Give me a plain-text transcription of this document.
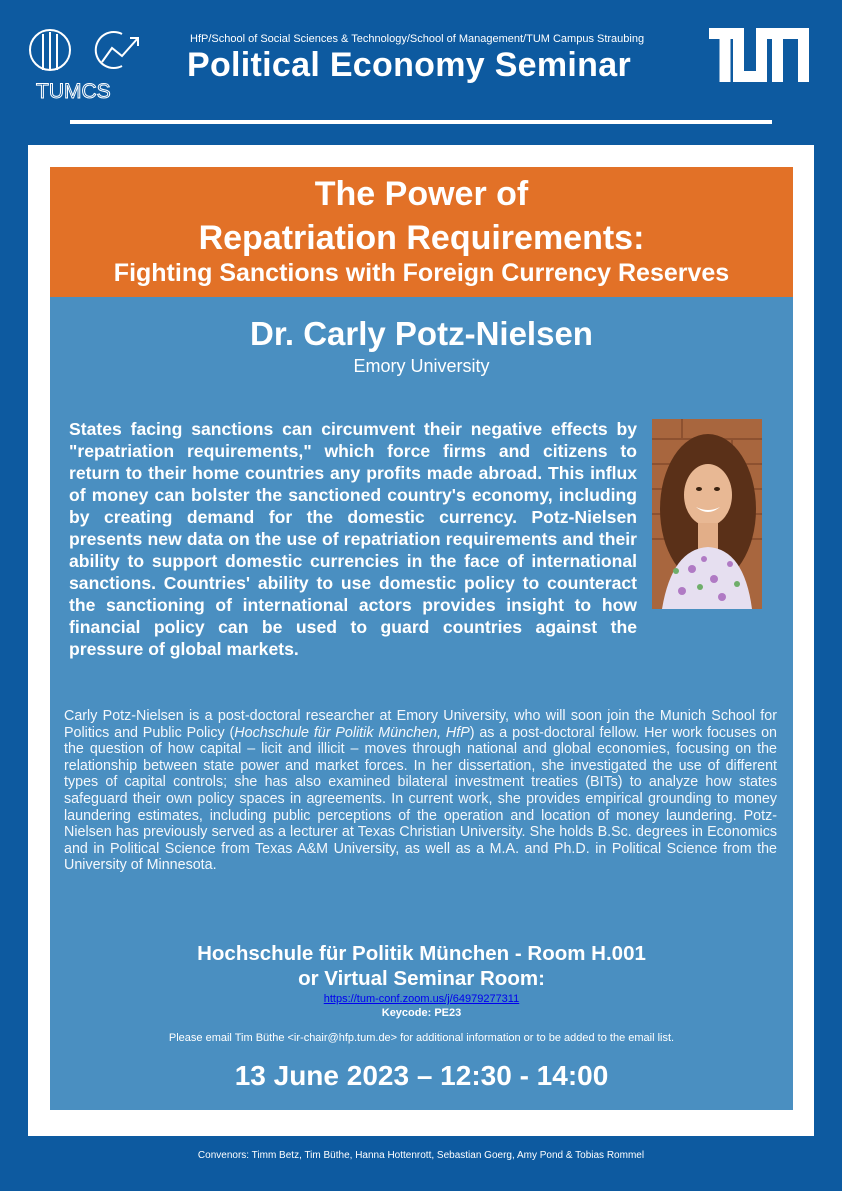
TUMCS
HfP/School of Social Sciences & Technology/School of Management/TUM Campus Straubing
Political Economy Seminar
The Power of
Repatriation Requirements:
Fighting Sanctions with Foreign Currency Reserves
Dr. Carly Potz-Nielsen
Emory University
States facing sanctions can circumvent their negative effects by "repatriation requirements," which force firms and citizens to return to their home countries any profits made abroad. This influx of money can bolster the sanctioned country's economy, including by creating demand for the domestic currency. Potz-Nielsen presents new data on the use of repatriation requirements and their ability to support domestic currencies in the face of international sanctions. Countries' ability to use domestic policy to counteract the sanctioning of international actors provides insight to how financial policy can be used to guard countries against the pressure of global markets.
Carly Potz-Nielsen is a post-doctoral researcher at Emory University, who will soon join the Munich School for Politics and Public Policy (Hochschule für Politik München, HfP) as a post-doctoral fellow. Her work focuses on the question of how capital – licit and illicit – moves through national and global economies, focusing on the relationship between state power and market forces. In her dissertation, she investigated the use of different types of capital controls; she has also examined bilateral investment treaties (BITs) to analyze how states safeguard their own policy spaces in agreements. In current work, she provides empirical grounding to money laundering estimates, including public perceptions of the operation and location of money laundering. Potz-Nielsen has previously served as a lecturer at Texas Christian University. She holds B.Sc. degrees in Economics and in Political Science from Texas A&M University, as well as a M.A. and Ph.D. in Political Science from the University of Minnesota.
Hochschule für Politik München - Room H.001
or Virtual Seminar Room:
https://tum-conf.zoom.us/j/64979277311
Keycode: PE23
Please email Tim Büthe <ir-chair@hfp.tum.de> for additional information or to be added to the email list.
13 June 2023 – 12:30 - 14:00
Convenors: Timm Betz, Tim Büthe, Hanna Hottenrott, Sebastian Goerg, Amy Pond & Tobias Rommel
